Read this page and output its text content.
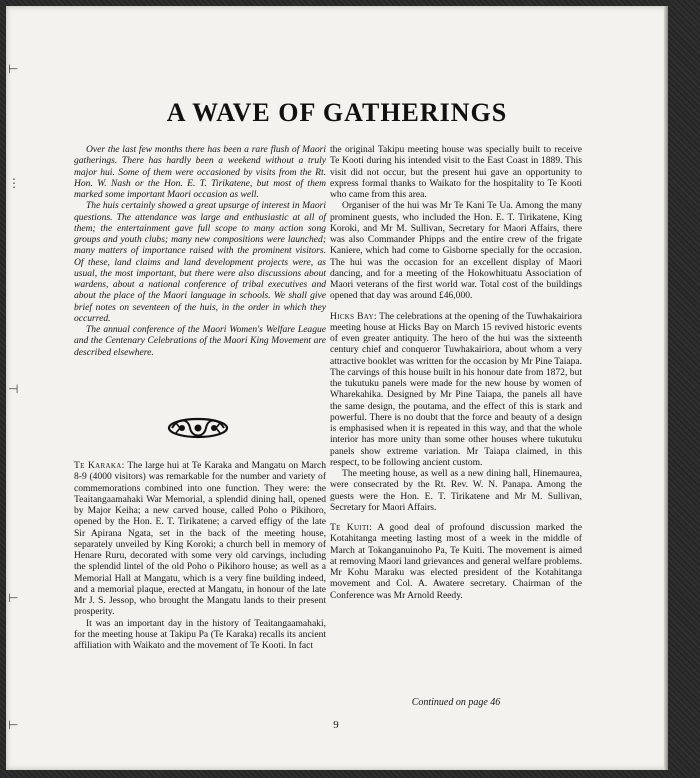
⊢
⋮
⊣
⊢
⊢
A WAVE OF GATHERINGS

Over the last few months there has been a rare flush of Maori gatherings. There has hardly been a weekend without a truly major hui. Some of them were occasioned by visits from the Rt. Hon. W. Nash or the Hon. E. T. Tirikatene, but most of them marked some important Maori occasion as well.

The huis certainly showed a great upsurge of interest in Maori questions. The attendance was large and enthusiastic at all of them; the entertainment gave full scope to many action song groups and youth clubs; many new compositions were launched; many matters of importance raised with the prominent visitors. Of these, land claims and land development projects were, as usual, the most important, but there were also discussions about wardens, about a national conference of tribal executives and about the place of the Maori language in schools. We shall give brief notes on seventeen of the huis, in the order in which they occurred.

The annual conference of the Maori Women's Welfare League and the Centenary Celebrations of the Maori King Movement are described elsewhere.

Te Karaka: The large hui at Te Karaka and Mangatu on March 8-9 (4000 visitors) was remarkable for the number and variety of commemorations combined into one function. They were: the Teaitangaamahaki War Memorial, a splendid dining hall, opened by Major Keiha; a new carved house, called Poho o Pikihoro, opened by the Hon. E. T. Tirikatene; a carved effigy of the late Sir Apirana Ngata, set in the back of the meeting house, separately unveiled by King Koroki; a church bell in memory of Henare Ruru, decorated with some very old carvings, including the splendid lintel of the old Poho o Pikihoro house; as well as a Memorial Hall at Mangatu, which is a very fine building indeed, and a memorial plaque, erected at Mangatu, in honour of the late Mr J. S. Jessop, who brought the Mangatu lands to their present prosperity.

It was an important day in the history of Teaitangaamahaki, for the meeting house at Takipu Pa (Te Karaka) recalls its ancient affiliation with Waikato and the movement of Te Kooti. In fact

the original Takipu meeting house was specially built to receive Te Kooti during his intended visit to the East Coast in 1889. This visit did not occur, but the present hui gave an opportunity to express formal thanks to Waikato for the hospitality to Te Kooti who came from this area.

Organiser of the hui was Mr Te Kani Te Ua. Among the many prominent guests, who included the Hon. E. T. Tirikatene, King Koroki, and Mr M. Sullivan, Secretary for Maori Affairs, there was also Commander Phipps and the entire crew of the frigate Kaniere, which had come to Gisborne specially for the occasion. The hui was the occasion for an excellent display of Maori dancing, and for a meeting of the Hokowhituatu Association of Maori veterans of the first world war. Total cost of the buildings opened that day was around £46,000.

Hicks Bay: The celebrations at the opening of the Tuwhakairiora meeting house at Hicks Bay on March 15 revived historic events of even greater antiquity. The hero of the hui was the sixteenth century chief and conqueror Tuwhakairiora, about whom a very attractive booklet was written for the occasion by Mr Pine Taiapa. The carvings of this house built in his honour date from 1872, but the tukutuku panels were made for the new house by women of Wharekahika. Designed by Mr Pine Taiapa, the panels all have the same design, the poutama, and the effect of this is stark and powerful. There is no doubt that the force and beauty of a design is emphasised when it is repeated in this way, and that the whole interior has more unity than some other houses where tukutuku panels show extreme variation. Mr Taiapa claimed, in this respect, to be following ancient custom.

The meeting house, as well as a new dining hall, Hinemaurea, were consecrated by the Rt. Rev. W. N. Panapa. Among the guests were the Hon. E. T. Tirikatene and Mr M. Sullivan, Secretary for Maori Affairs.

Te Kuiti: A good deal of profound discussion marked the Kotahitanga meeting lasting most of a week in the middle of March at Tokanganuinoho Pa, Te Kuiti. The movement is aimed at removing Maori land grievances and general welfare problems. Mr Kohu Maraku was elected president of the Kotahitanga movement and Col. A. Awatere secretary. Chairman of the Conference was Mr Arnold Reedy.

Continued on page 46
9
